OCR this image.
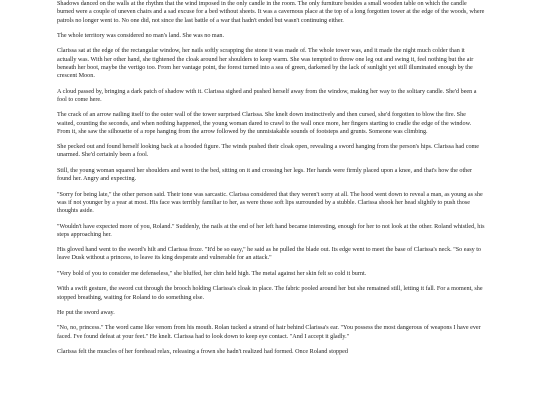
Shadows danced on the walls at the rhythm that the wind imposed in the only candle in the room. The only furniture besides a small wooden table on which the candle burned were a couple of uneven chairs and a sad excuse for a bed without sheets. It was a cavernous place at the top of a long forgotten tower at the edge of the woods, where patrols no longer went to. No one did, not since the last battle of a war that hadn't ended but wasn't continuing either.

The whole territory was considered no man's land. She was no man.

Clarissa sat at the edge of the rectangular window, her nails softly scrapping the stone it was made of. The whole tower was, and it made the night much colder than it actually was. With her other hand, she tightened the cloak around her shoulders to keep warm. She was tempted to throw one leg out and swing it, feel nothing but the air beneath her boot, maybe the vertigo too. From her vantage point, the forest turned into a sea of green, darkened by the lack of sunlight yet still illuminated enough by the crescent Moon.

A cloud passed by, bringing a dark patch of shadow with it. Clarissa sighed and pushed herself away from the window, making her way to the solitary candle. She'd been a fool to come here.

The crack of an arrow nailing itself to the outer wall of the tower surprised Clarissa. She knelt down instinctively and then cursed, she'd forgotten to blow the fire. She waited, counting the seconds, and when nothing happened, the young woman dared to crawl to the wall once more, her fingers starting to cradle the edge of the window. From it, she saw the silhouette of a rope hanging from the arrow followed by the unmistakable sounds of footsteps and grunts. Someone was climbing.

She pecked out and found herself looking back at a hooded figure. The winds pushed their cloak open, revealing a sword hanging from the person's hips. Clarissa had come unarmed. She'd certainly been a fool.

Still, the young woman squared her shoulders and went to the bed, sitting on it and crossing her legs. Her hands were firmly placed upon a knee, and that's how the other found her. Angry and expecting.

"Sorry for being late," the other person said. Their tone was sarcastic. Clarissa considered that they weren't sorry at all. The hood went down to reveal a man, as young as she was if not younger by a year at most. His face was terribly familiar to her, as were those soft lips surrounded by a stubble. Clarissa shook her head slightly to push those thoughts aside.

"Wouldn't have expected more of you, Roland." Suddenly, the nails at the end of her left hand became interesting, enough for her to not look at the other. Roland whistled, his steps approaching her.

His gloved hand went to the sword's hilt and Clarissa froze. "It'd be so easy," he said as he pulled the blade out. Its edge went to meet the base of Clarissa's neck. "So easy to leave Dusk without a princess, to leave its king desperate and vulnerable for an attack."

"Very bold of you to consider me defenseless," she bluffed, her chin held high. The metal against her skin felt so cold it burnt.

With a swift gesture, the sword cut through the brooch holding Clarissa's cloak in place. The fabric pooled around her but she remained still, letting it fall. For a moment, she stopped breathing, waiting for Roland to do something else.

He put the sword away.

"No, no, princess." The word came like venom from his mouth. Rolan tucked a strand of hair behind Clarissa's ear. "You possess the most dangerous of weapons I have ever faced. I've found defeat at your feet." He knelt. Clarissa had to look down to keep eye contact. "And I accept it gladly."

Clarissa felt the muscles of her forehead relax, releasing a frown she hadn't realized had formed. Once Roland stopped
